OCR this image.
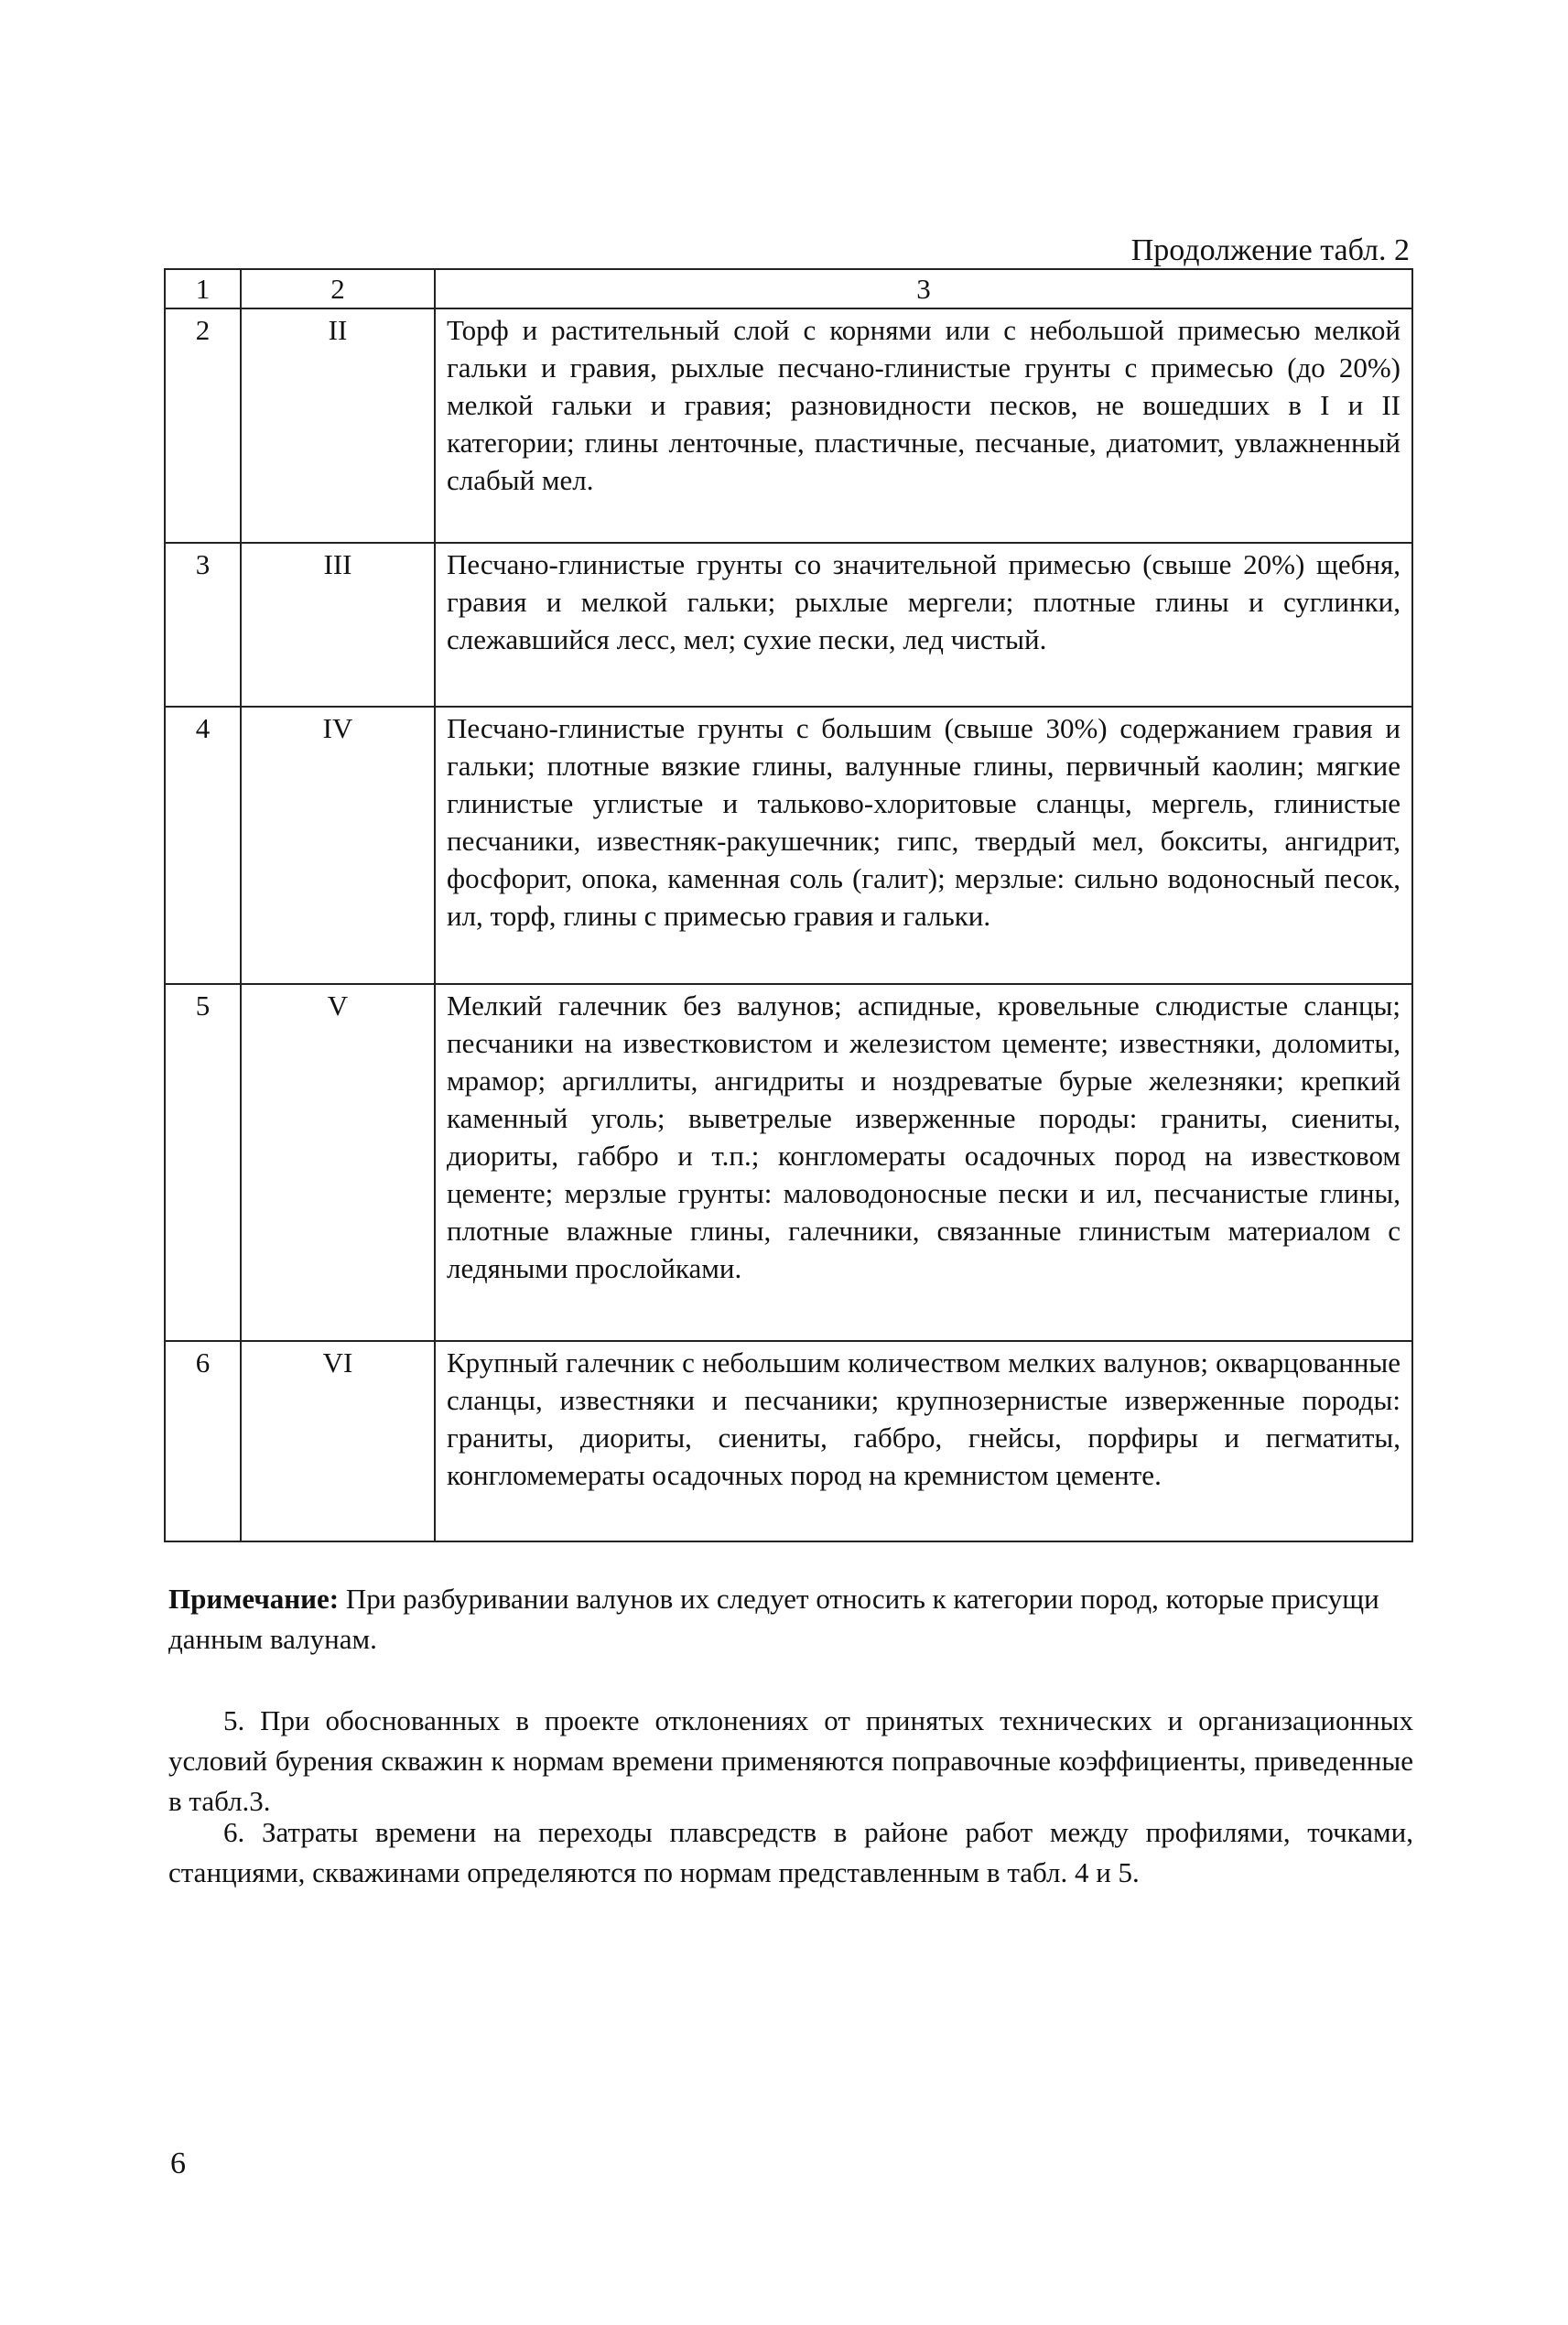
Продолжение табл. 2
1	2	3
2	II	Торф и растительный слой с корнями или с небольшой примесью мелкой гальки и гравия, рыхлые песчано-глинистые грунты с примесью (до 20%) мелкой гальки и гравия; разновидности песков, не вошедших в I и II категории; глины ленточные, пластичные, песчаные, диатомит, увлажненный слабый мел.
3	III	Песчано-глинистые грунты со значительной примесью (свыше 20%) щебня, гравия и мелкой гальки; рыхлые мергели; плотные глины и суглинки, слежавшийся лесс, мел; сухие пески, лед чистый.
4	IV	Песчано-глинистые грунты с большим (свыше 30%) содержанием гравия и гальки; плотные вязкие глины, валунные глины, первичный каолин; мягкие глинистые углистые и тальково-хлоритовые сланцы, мергель, глинистые песчаники, известняк-ракушечник; гипс, твердый мел, бокситы, ангидрит, фосфорит, опока, каменная соль (галит); мерзлые: сильно водоносный песок, ил, торф, глины с примесью гравия и гальки.
5	V	Мелкий галечник без валунов; аспидные, кровельные слюдистые сланцы; песчаники на известковистом и железистом цементе; известняки, доломиты, мрамор; аргиллиты, ангидриты и ноздреватые бурые железняки; крепкий каменный уголь; выветрелые изверженные породы: граниты, сиениты, диориты, габбро и т.п.; конгломераты осадочных пород на известковом цементе; мерзлые грунты: маловодоносные пески и ил, песчанистые глины, плотные влажные глины, галечники, связанные глинистым материалом с ледяными прослойками.
6	VI	Крупный галечник с небольшим количеством мелких валунов; окварцованные сланцы, известняки и песчаники; крупнозернистые изверженные породы: граниты, диориты, сиениты, габбро, гнейсы, порфиры и пегматиты, конгломемераты осадочных пород на кремнистом цементе.
Примечание: При разбуривании валунов их следует относить к категории пород, которые присущи данным валунам.
5. При обоснованных в проекте отклонениях от принятых технических и организационных условий бурения скважин к нормам времени применяются поправочные коэффициенты, приведенные в табл.3.
6. Затраты времени на переходы плавсредств в районе работ между профилями, точками, станциями, скважинами определяются по нормам представленным в табл. 4 и 5.
6
